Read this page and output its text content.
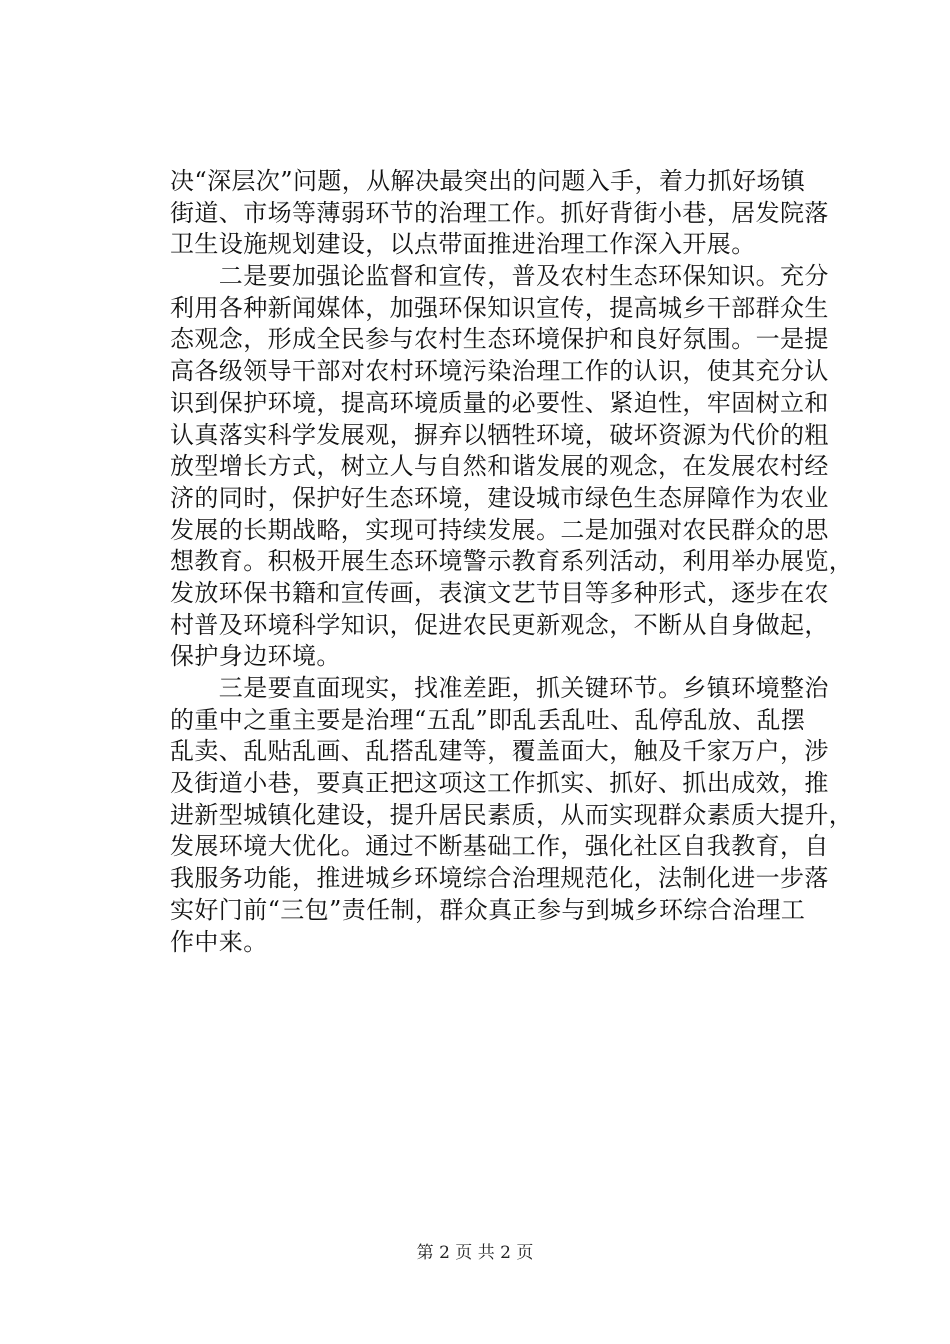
决“深层次”问题，从解决最突出的问题入手，着力抓好场镇
街道、市场等薄弱环节的治理工作。抓好背街小巷，居发院落
卫生设施规划建设，以点带面推进治理工作深入开展。
　　二是要加强论监督和宣传，普及农村生态环保知识。充分
利用各种新闻媒体，加强环保知识宣传，提高城乡干部群众生
态观念，形成全民参与农村生态环境保护和良好氛围。一是提
高各级领导干部对农村环境污染治理工作的认识，使其充分认
识到保护环境，提高环境质量的必要性、紧迫性，牢固树立和
认真落实科学发展观，摒弃以牺牲环境，破坏资源为代价的粗
放型增长方式，树立人与自然和谐发展的观念，在发展农村经
济的同时，保护好生态环境，建设城市绿色生态屏障作为农业
发展的长期战略，实现可持续发展。二是加强对农民群众的思
想教育。积极开展生态环境警示教育系列活动，利用举办展览，
发放环保书籍和宣传画，表演文艺节目等多种形式，逐步在农
村普及环境科学知识，促进农民更新观念，不断从自身做起，
保护身边环境。
　　三是要直面现实，找准差距，抓关键环节。乡镇环境整治
的重中之重主要是治理“五乱”即乱丢乱吐、乱停乱放、乱摆
乱卖、乱贴乱画、乱搭乱建等，覆盖面大，触及千家万户，涉
及街道小巷，要真正把这项这工作抓实、抓好、抓出成效，推
进新型城镇化建设，提升居民素质，从而实现群众素质大提升，
发展环境大优化。通过不断基础工作，强化社区自我教育，自
我服务功能，推进城乡环境综合治理规范化，法制化进一步落
实好门前“三包”责任制，群众真正参与到城乡环综合治理工
作中来。
第 2 页 共 2 页
